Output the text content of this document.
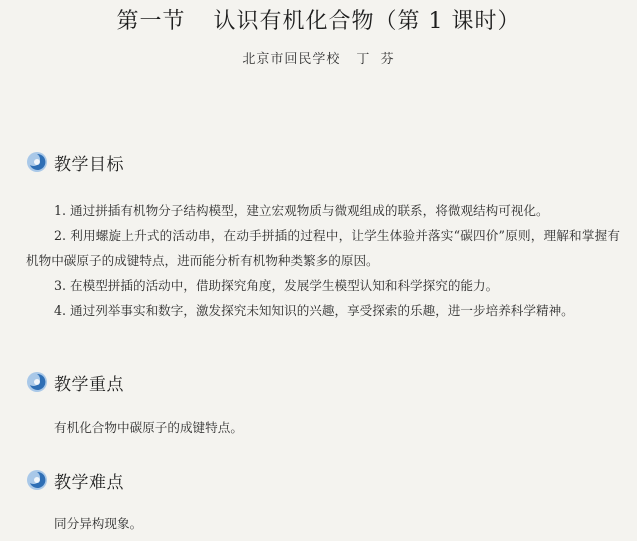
第一节 认识有机化合物（第 1 课时）
北京市回民学校 丁  芬
教学目标

1. 通过拼插有机物分子结构模型，建立宏观物质与微观组成的联系，将微观结构可视化。

2. 利用螺旋上升式的活动串，在动手拼插的过程中，让学生体验并落实“碳四价”原则，理解和掌握有机物中碳原子的成键特点，进而能分析有机物种类繁多的原因。

3. 在模型拼插的活动中，借助探究角度，发展学生模型认知和科学探究的能力。

4. 通过列举事实和数字，激发探究未知知识的兴趣，享受探索的乐趣，进一步培养科学精神。

教学重点
有机化合物中碳原子的成键特点。
教学难点
同分异构现象。
